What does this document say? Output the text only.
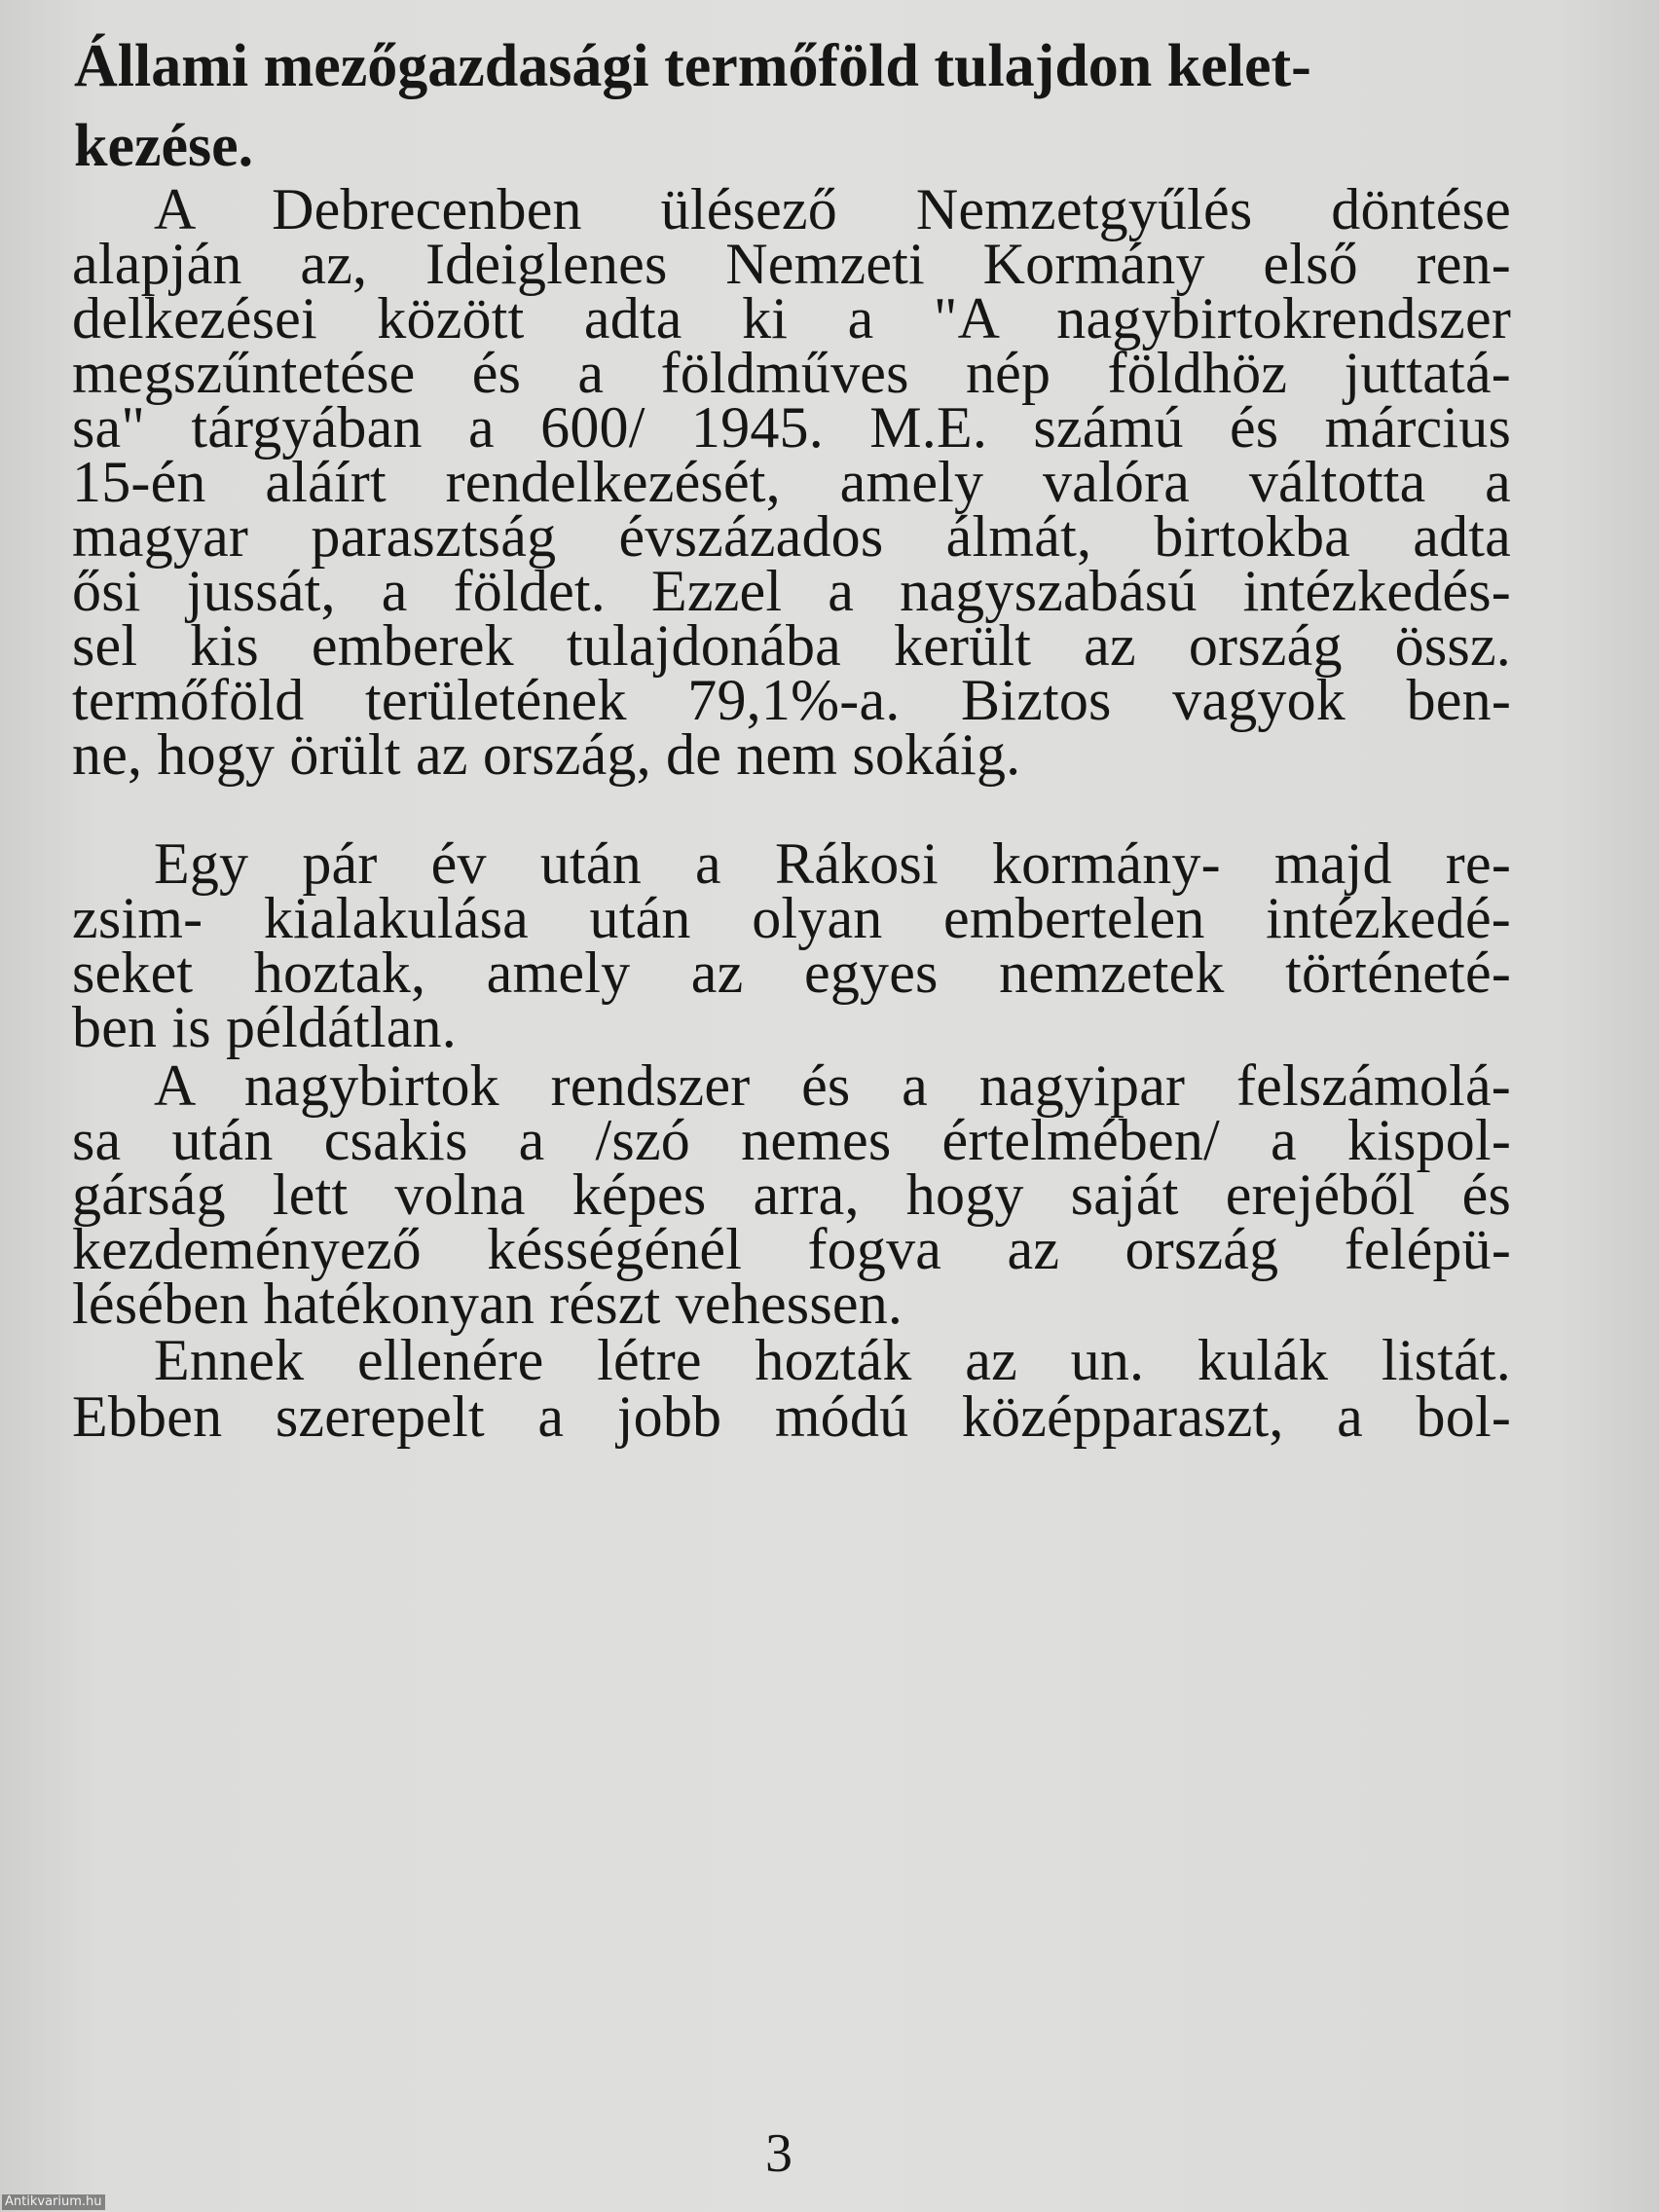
Állami mezőgazdasági termőföld tulajdon kelet-
kezése.
A Debrecenben ülésező Nemzetgyűlés döntése
alapján az, Ideiglenes Nemzeti Kormány első ren-
delkezései között adta ki a "A nagybirtokrendszer
megszűntetése és a földműves nép földhöz juttatá-
sa" tárgyában a 600/ 1945. M.E. számú és március
15-én aláírt rendelkezését, amely valóra váltotta a
magyar parasztság évszázados álmát, birtokba adta
ősi jussát, a földet. Ezzel a nagyszabású intézkedés-
sel kis emberek tulajdonába került az ország össz.
termőföld területének 79,1%-a. Biztos vagyok ben-
ne, hogy örült az ország, de nem sokáig.
Egy pár év után a Rákosi kormány- majd re-
zsim- kialakulása után olyan embertelen intézkedé-
seket hoztak, amely az egyes nemzetek történeté-
ben is példátlan.
A nagybirtok rendszer és a nagyipar felszámolá-
sa után csakis a /szó nemes értelmében/ a kispol-
gárság lett volna képes arra, hogy saját erejéből és
kezdeményező késségénél fogva az ország felépü-
lésében hatékonyan részt vehessen.
Ennek ellenére létre hozták az un. kulák listát.
Ebben szerepelt a jobb módú középparaszt, a bol-
3
Antikvarium.hu
